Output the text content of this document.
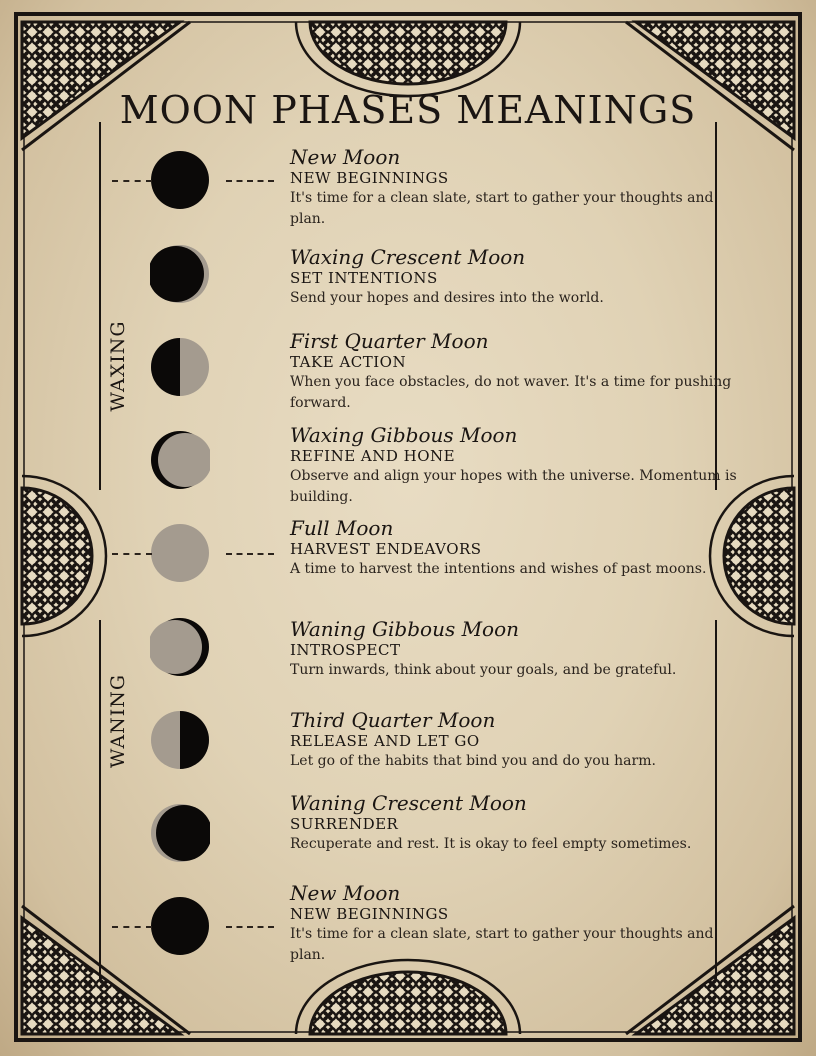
MOON PHASES MEANINGS
WAXING
WANING
New Moon
NEW BEGINNINGS
It's time for a clean slate, start to gather your thoughts and plan.
Waxing Crescent Moon
SET INTENTIONS
Send your hopes and desires into the world.
First Quarter Moon
TAKE ACTION
When you face obstacles, do not waver. It's a time for pushing forward.
Waxing Gibbous Moon
REFINE AND HONE
Observe and align your hopes with the universe. Momentum is building.
Full Moon
HARVEST ENDEAVORS
A time to harvest the intentions and wishes of past moons.
Waning Gibbous Moon
INTROSPECT
Turn inwards, think about your goals, and be grateful.
Third Quarter Moon
RELEASE AND LET GO
Let go of the habits that bind you and do you harm.
Waning Crescent Moon
SURRENDER
Recuperate and rest. It is okay to feel empty sometimes.
New Moon
NEW BEGINNINGS
It's time for a clean slate, start to gather your thoughts and plan.
